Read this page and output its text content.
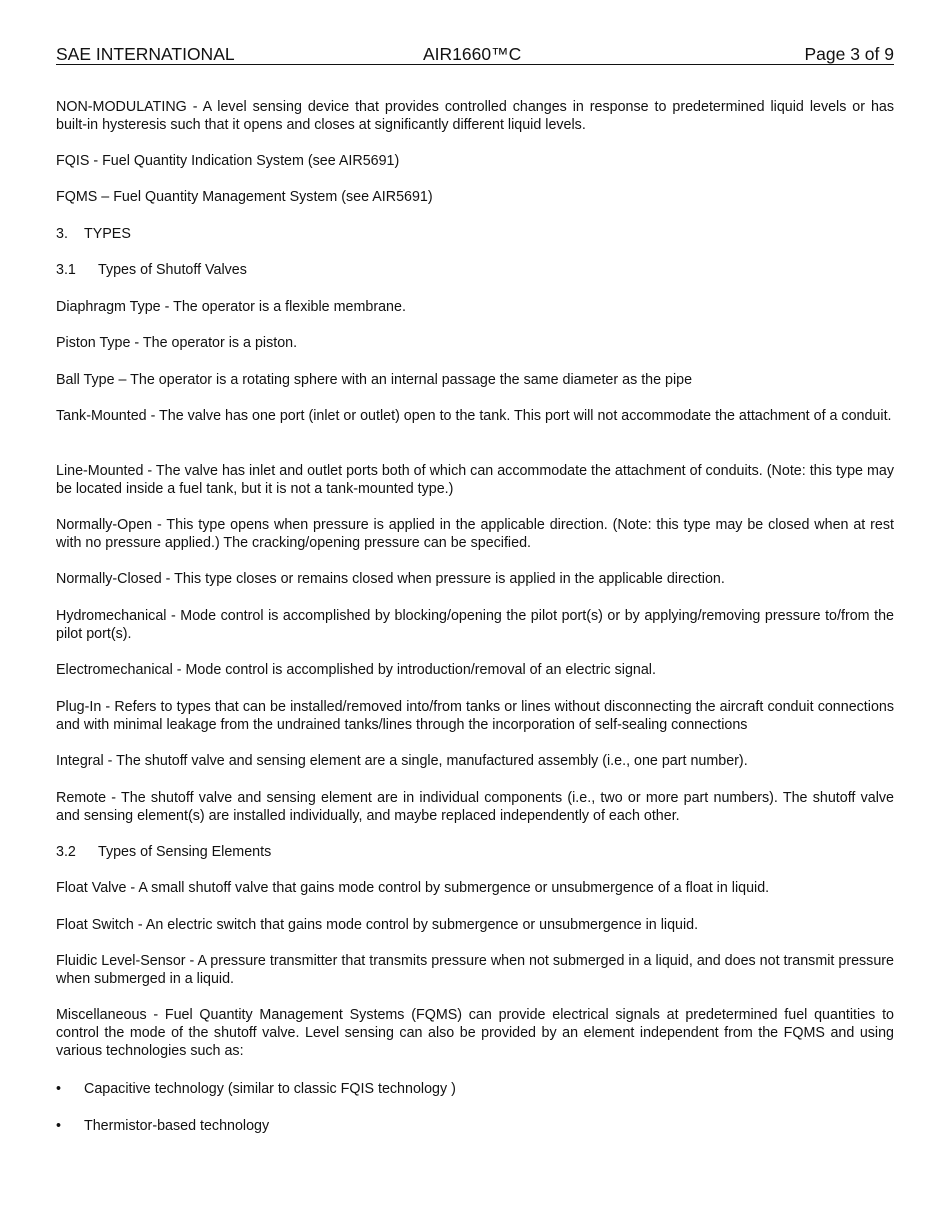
SAE INTERNATIONAL	AIR1660™C	Page 3 of 9

NON-MODULATING - A level sensing device that provides controlled changes in response to predetermined liquid levels or has built-in hysteresis such that it opens and closes at significantly different liquid levels.

FQIS - Fuel Quantity Indication System (see AIR5691)

FQMS – Fuel Quantity Management System (see AIR5691)

3. TYPES

3.1 Types of Shutoff Valves

Diaphragm Type - The operator is a flexible membrane.

Piston Type - The operator is a piston.

Ball Type – The operator is a rotating sphere with an internal passage the same diameter as the pipe

Tank-Mounted - The valve has one port (inlet or outlet) open to the tank. This port will not accommodate the attachment of a conduit.

Line-Mounted - The valve has inlet and outlet ports both of which can accommodate the attachment of conduits. (Note: this type may be located inside a fuel tank, but it is not a tank-mounted type.)

Normally-Open - This type opens when pressure is applied in the applicable direction. (Note: this type may be closed when at rest with no pressure applied.) The cracking/opening pressure can be specified.

Normally-Closed - This type closes or remains closed when pressure is applied in the applicable direction.

Hydromechanical - Mode control is accomplished by blocking/opening the pilot port(s) or by applying/removing pressure to/from the pilot port(s).

Electromechanical - Mode control is accomplished by introduction/removal of an electric signal.

Plug-In - Refers to types that can be installed/removed into/from tanks or lines without disconnecting the aircraft conduit connections and with minimal leakage from the undrained tanks/lines through the incorporation of self-sealing connections

Integral - The shutoff valve and sensing element are a single, manufactured assembly (i.e., one part number).

Remote - The shutoff valve and sensing element are in individual components (i.e., two or more part numbers). The shutoff valve and sensing element(s) are installed individually, and maybe replaced independently of each other.

3.2 Types of Sensing Elements

Float Valve - A small shutoff valve that gains mode control by submergence or unsubmergence of a float in liquid.

Float Switch - An electric switch that gains mode control by submergence or unsubmergence in liquid.

Fluidic Level-Sensor - A pressure transmitter that transmits pressure when not submerged in a liquid, and does not transmit pressure when submerged in a liquid.

Miscellaneous - Fuel Quantity Management Systems (FQMS) can provide electrical signals at predetermined fuel quantities to control the mode of the shutoff valve. Level sensing can also be provided by an element independent from the FQMS and using various technologies such as:

•	Capacitive technology (similar to classic FQIS technology )
•	Thermistor-based technology
